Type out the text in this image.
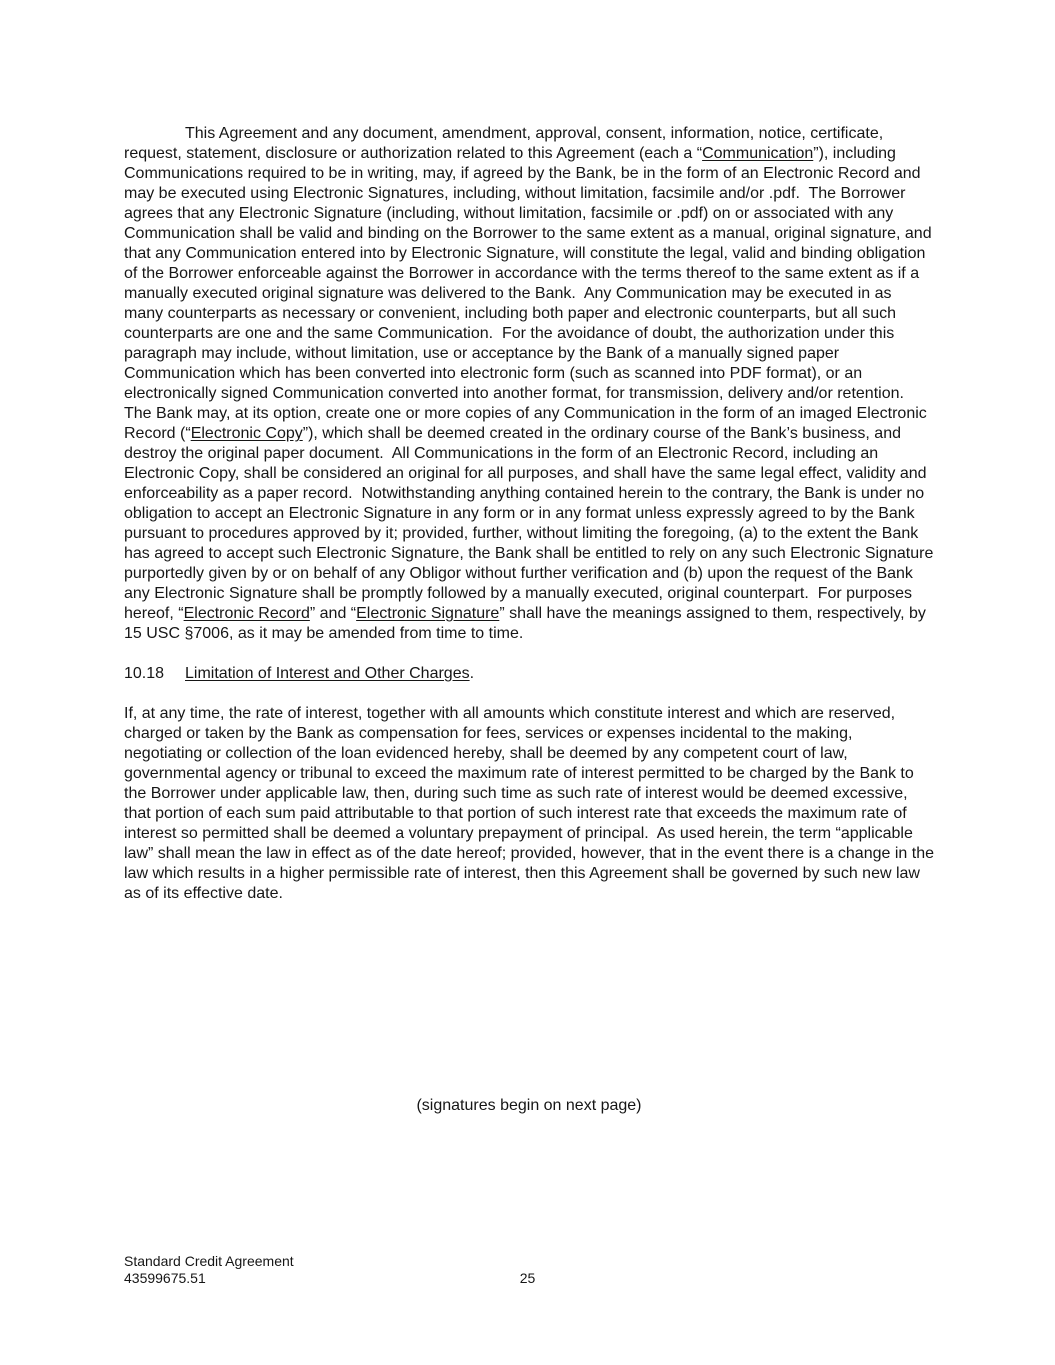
This Agreement and any document, amendment, approval, consent, information, notice, certificate, request, statement, disclosure or authorization related to this Agreement (each a “Communication”), including Communications required to be in writing, may, if agreed by the Bank, be in the form of an Electronic Record and may be executed using Electronic Signatures, including, without limitation, facsimile and/or .pdf.  The Borrower agrees that any Electronic Signature (including, without limitation, facsimile or .pdf) on or associated with any Communication shall be valid and binding on the Borrower to the same extent as a manual, original signature, and that any Communication entered into by Electronic Signature, will constitute the legal, valid and binding obligation of the Borrower enforceable against the Borrower in accordance with the terms thereof to the same extent as if a manually executed original signature was delivered to the Bank.  Any Communication may be executed in as many counterparts as necessary or convenient, including both paper and electronic counterparts, but all such counterparts are one and the same Communication.  For the avoidance of doubt, the authorization under this paragraph may include, without limitation, use or acceptance by the Bank of a manually signed paper Communication which has been converted into electronic form (such as scanned into PDF format), or an electronically signed Communication converted into another format, for transmission, delivery and/or retention.  The Bank may, at its option, create one or more copies of any Communication in the form of an imaged Electronic Record (“Electronic Copy”), which shall be deemed created in the ordinary course of the Bank’s business, and destroy the original paper document.  All Communications in the form of an Electronic Record, including an Electronic Copy, shall be considered an original for all purposes, and shall have the same legal effect, validity and enforceability as a paper record.  Notwithstanding anything contained herein to the contrary, the Bank is under no obligation to accept an Electronic Signature in any form or in any format unless expressly agreed to by the Bank pursuant to procedures approved by it; provided, further, without limiting the foregoing, (a) to the extent the Bank has agreed to accept such Electronic Signature, the Bank shall be entitled to rely on any such Electronic Signature purportedly given by or on behalf of any Obligor without further verification and (b) upon the request of the Bank any Electronic Signature shall be promptly followed by a manually executed, original counterpart.  For purposes hereof, “Electronic Record” and “Electronic Signature” shall have the meanings assigned to them, respectively, by 15 USC §7006, as it may be amended from time to time.

10.18 Limitation of Interest and Other Charges.

If, at any time, the rate of interest, together with all amounts which constitute interest and which are reserved, charged or taken by the Bank as compensation for fees, services or expenses incidental to the making, negotiating or collection of the loan evidenced hereby, shall be deemed by any competent court of law, governmental agency or tribunal to exceed the maximum rate of interest permitted to be charged by the Bank to the Borrower under applicable law, then, during such time as such rate of interest would be deemed excessive, that portion of each sum paid attributable to that portion of such interest rate that exceeds the maximum rate of interest so permitted shall be deemed a voluntary prepayment of principal.  As used herein, the term “applicable law” shall mean the law in effect as of the date hereof; provided, however, that in the event there is a change in the law which results in a higher permissible rate of interest, then this Agreement shall be governed by such new law as of its effective date.

(signatures begin on next page)
Standard Credit Agreement
43599675.51	25
